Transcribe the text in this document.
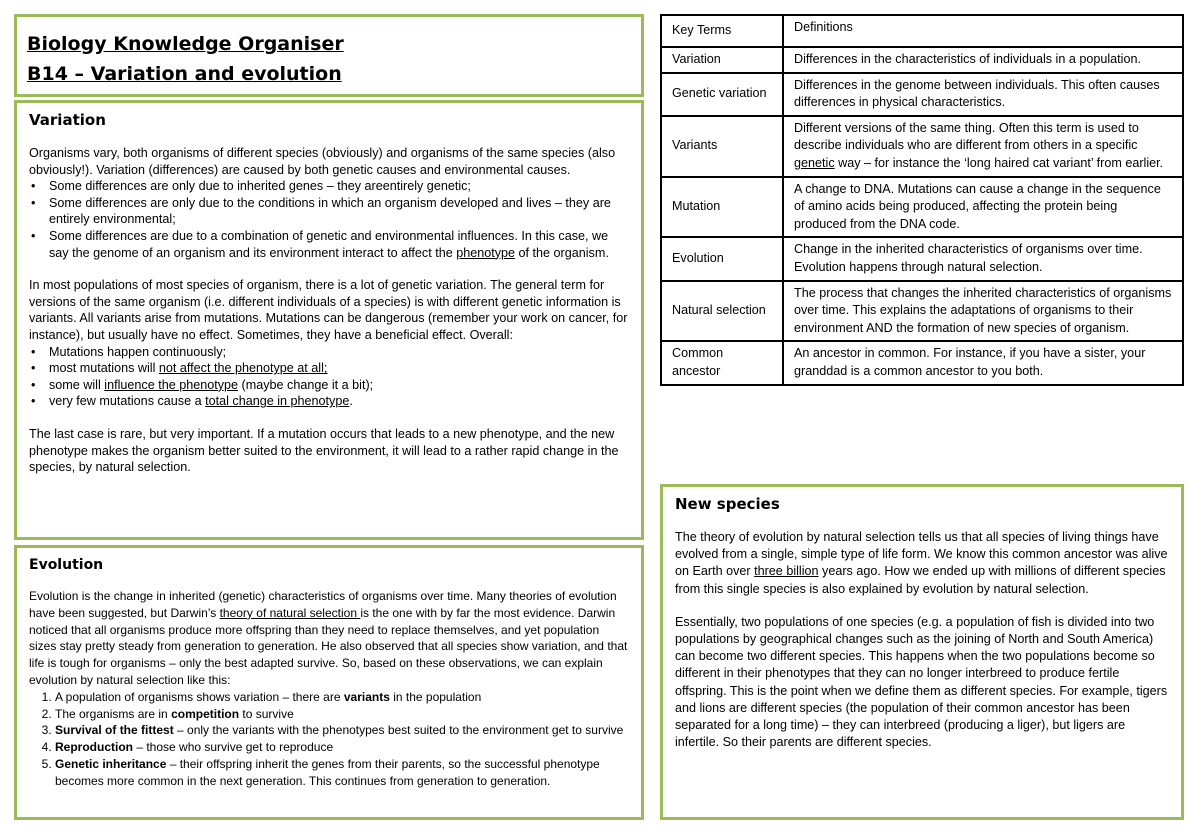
Biology Knowledge Organiser
B14 – Variation and evolution
Variation

Organisms vary, both organisms of different species (obviously) and organisms of the same species (also obviously!). Variation (differences) are caused by both genetic causes and environmental causes.

• Some differences are only due to inherited genes – they areentirely genetic;
• Some differences are only due to the conditions in which an organism developed and lives – they are entirely environmental;
• Some differences are due to a combination of genetic and environmental influences. In this case, we say the genome of an organism and its environment interact to affect the phenotype of the organism.

In most populations of most species of organism, there is a lot of genetic variation. The general term for versions of the same organism (i.e. different individuals of a species) is with different genetic information is variants. All variants arise from mutations. Mutations can be dangerous (remember your work on cancer, for instance), but usually have no effect. Sometimes, they have a beneficial effect. Overall:

• Mutations happen continuously;
• most mutations will not affect the phenotype at all;
• some will influence the phenotype (maybe change it a bit);
• very few mutations cause a total change in phenotype.

The last case is rare, but very important. If a mutation occurs that leads to a new phenotype, and the new phenotype makes the organism better suited to the environment, it will lead to a rather rapid change in the species, by natural selection.

Evolution

Evolution is the change in inherited (genetic) characteristics of organisms over time. Many theories of evolution have been suggested, but Darwin’s theory of natural selection is the one with by far the most evidence. Darwin noticed that all organisms produce more offspring than they need to replace themselves, and yet population sizes stay pretty steady from generation to generation. He also observed that all species show variation, and that life is tough for organisms – only the best adapted survive. So, based on these observations, we can explain evolution by natural selection like this:

1. A population of organisms shows variation – there are variants in the population
2. The organisms are in competition to survive
3. Survival of the fittest – only the variants with the phenotypes best suited to the environment get to survive
4. Reproduction – those who survive get to reproduce
5. Genetic inheritance – their offspring inherit the genes from their parents, so the successful phenotype becomes more common in the next generation. This continues from generation to generation.
Key Terms	Definitions
Variation	Differences in the characteristics of individuals in a population.
Genetic variation	Differences in the genome between individuals. This often causes differences in physical characteristics.
Variants	Different versions of the same thing. Often this term is used to describe individuals who are different from others in a specific genetic way – for instance the ‘long haired cat variant’ from earlier.
Mutation	A change to DNA. Mutations can cause a change in the sequence of amino acids being produced, affecting the protein being produced from the DNA code.
Evolution	Change in the inherited characteristics of organisms over time. Evolution happens through natural selection.
Natural selection	The process that changes the inherited characteristics of organisms over time. This explains the adaptations of organisms to their environment AND the formation of new species of organism.
Common ancestor	An ancestor in common. For instance, if you have a sister, your granddad is a common ancestor to you both.
New species

The theory of evolution by natural selection tells us that all species of living things have evolved from a single, simple type of life form. We know this common ancestor was alive on Earth over three billion years ago. How we ended up with millions of different species from this single species is also explained by evolution by natural selection.

Essentially, two populations of one species (e.g. a population of fish is divided into two populations by geographical changes such as the joining of North and South America) can become two different species. This happens when the two populations become so different in their phenotypes that they can no longer interbreed to produce fertile offspring. This is the point when we define them as different species. For example, tigers and lions are different species (the population of their common ancestor has been separated for a long time) – they can interbreed (producing a liger), but ligers are infertile. So their parents are different species.
